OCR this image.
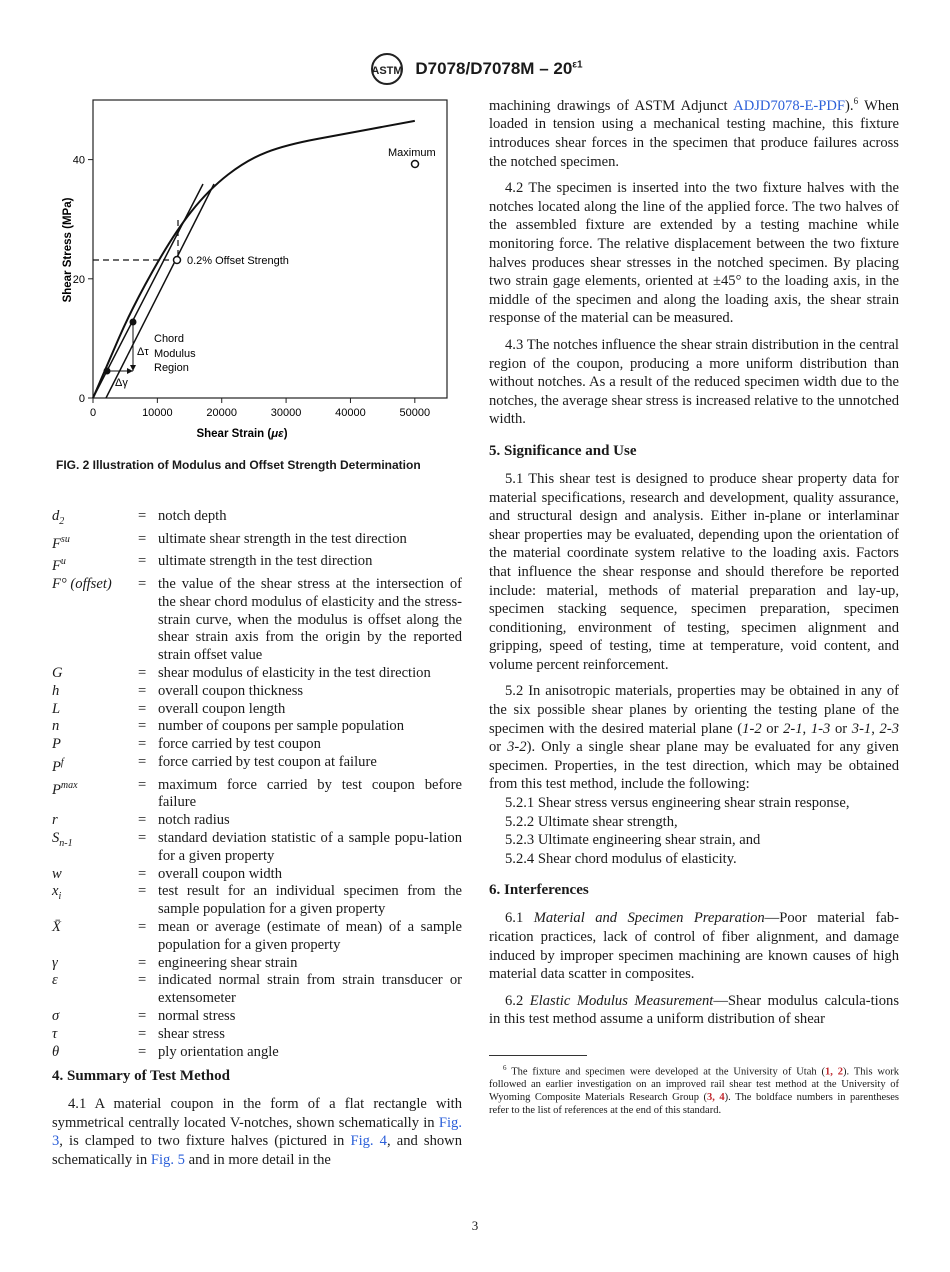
ASTM $D7078/D7078M - 20^{\varepsilon 1}$
0
20
40
0	10000	20000	30000	40000	50000
Shear Stress (MPa)
Shear Strain (με)
Δτ
Δγ
Chord
Modulus
Region
0.2% Offset Strength
Maximum
FIG. 2 Illustration of Modulus and Offset Strength Determination
$d_2$	= notch depth
$F^{su}$	= ultimate shear strength in the test direction
$F^u$	= ultimate strength in the test direction
F° (offset)	= the value of the shear stress at the intersection of the shear chord modulus of elasticity and the stress-strain curve, when the modulus is offset along the shear strain axis from the origin by the reported strain offset value
G	= shear modulus of elasticity in the test direction
h	= overall coupon thickness
L	= overall coupon length
n	= number of coupons per sample population
P	= force carried by test coupon
$P^f$	= force carried by test coupon at failure
$P^{max}$	= maximum force carried by test coupon before failure
r	= notch radius
$S_{n-1}$	= standard deviation statistic of a sample popu-lation for a given property
w	= overall coupon width
$x_i$	= test result for an individual specimen from the sample population for a given property
X̄	= mean or average (estimate of mean) of a sample population for a given property
γ	= engineering shear strain
ε	= indicated normal strain from strain transducer or extensometer
σ	= normal stress
τ	= shear stress
θ	= ply orientation angle
4. Summary of Test Method

4.1 A material coupon in the form of a flat rectangle with symmetrical centrally located V-notches, shown schematically in Fig. 3, is clamped to two fixture halves (pictured in Fig. 4, and shown schematically in Fig. 5 and in more detail in the

machining drawings of ASTM Adjunct ADJD7078-E-PDF).$^6$ When loaded in tension using a mechanical testing machine, this fixture introduces shear forces in the specimen that produce failures across the notched specimen.

4.2 The specimen is inserted into the two fixture halves with the notches located along the line of the applied force. The two halves of the assembled fixture are extended by a testing machine while monitoring force. The relative displacement between the two fixture halves produces shear stresses in the notched specimen. By placing two strain gage elements, oriented at ±45° to the loading axis, in the middle of the specimen and along the loading axis, the shear strain response of the material can be measured.

4.3 The notches influence the shear strain distribution in the central region of the coupon, producing a more uniform distribution than without notches. As a result of the reduced specimen width due to the notches, the average shear stress is increased relative to the unnotched width.

5. Significance and Use

5.1 This shear test is designed to produce shear property data for material specifications, research and development, quality assurance, and structural design and analysis. Either in-plane or interlaminar shear properties may be evaluated, depending upon the orientation of the material coordinate system relative to the loading axis. Factors that influence the shear response and should therefore be reported include: material, methods of material preparation and lay-up, specimen stacking sequence, specimen preparation, specimen conditioning, environment of testing, specimen alignment and gripping, speed of testing, time at temperature, void content, and volume percent reinforcement.

5.2 In anisotropic materials, properties may be obtained in any of the six possible shear planes by orienting the testing plane of the specimen with the desired material plane (1-2 or 2-1, 1-3 or 3-1, 2-3 or 3-2). Only a single shear plane may be evaluated for any given specimen. Properties, in the test direction, which may be obtained from this test method, include the following:

5.2.1 Shear stress versus engineering shear strain response,
5.2.2 Ultimate shear strength,
5.2.3 Ultimate engineering shear strain, and
5.2.4 Shear chord modulus of elasticity.
6. Interferences

6.1 Material and Specimen Preparation—Poor material fab-rication practices, lack of control of fiber alignment, and damage induced by improper specimen machining are known causes of high material data scatter in composites.

6.2 Elastic Modulus Measurement—Shear modulus calcula-tions in this test method assume a uniform distribution of shear

$^6$ The fixture and specimen were developed at the University of Utah (1, 2). This work followed an earlier investigation on an improved rail shear test method at the University of Wyoming Composite Materials Research Group (3, 4). The boldface numbers in parentheses refer to the list of references at the end of this standard.
3
